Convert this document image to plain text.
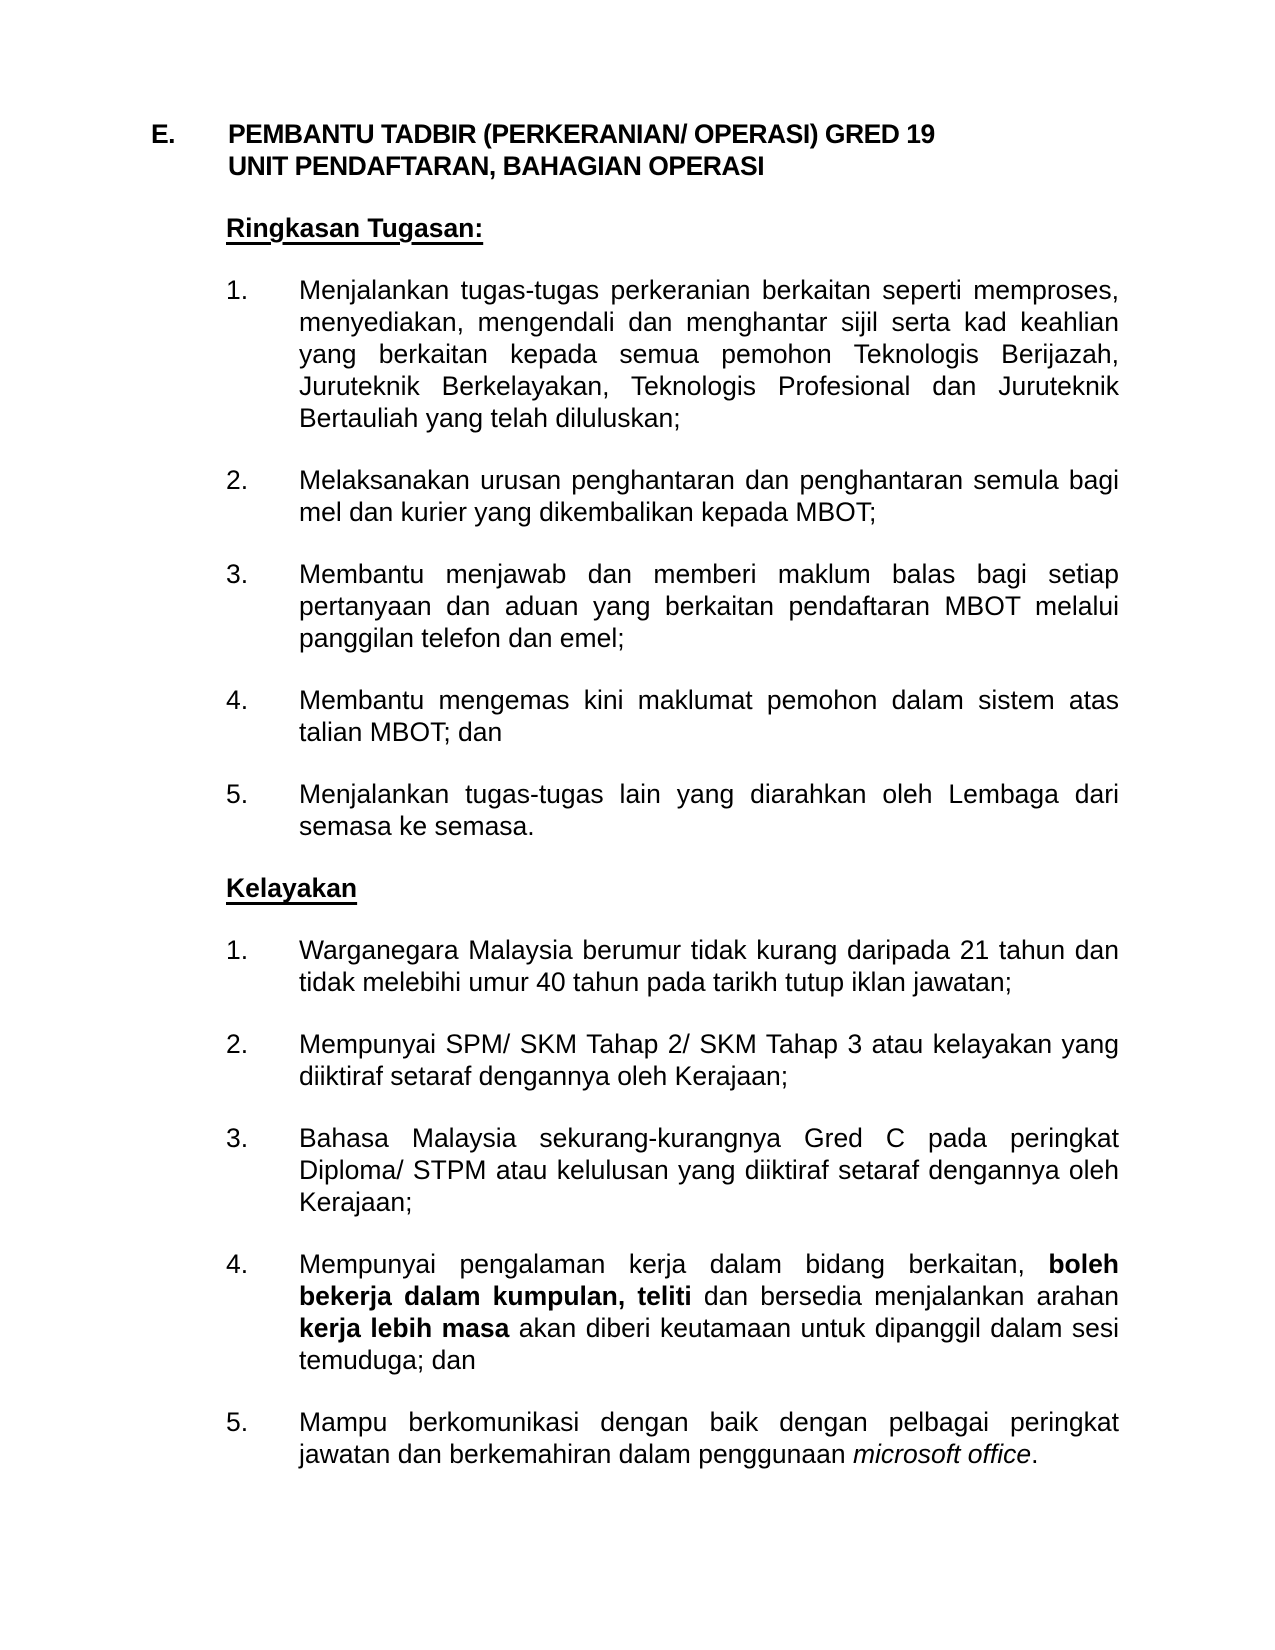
E.	PEMBANTU TADBIR (PERKERANIAN/ OPERASI) GRED 19
UNIT PENDAFTARAN, BAHAGIAN OPERASI
Ringkasan Tugasan:
1.	Menjalankan tugas-tugas perkeranian berkaitan seperti memproses, menyediakan, mengendali dan menghantar sijil serta kad keahlian yang berkaitan kepada semua pemohon Teknologis Berijazah, Juruteknik Berkelayakan, Teknologis Profesional dan Juruteknik Bertauliah yang telah diluluskan;
2.	Melaksanakan urusan penghantaran dan penghantaran semula bagi mel dan kurier yang dikembalikan kepada MBOT;
3.	Membantu menjawab dan memberi maklum balas bagi setiap pertanyaan dan aduan yang berkaitan pendaftaran MBOT melalui panggilan telefon dan emel;
4.	Membantu mengemas kini maklumat pemohon dalam sistem atas talian MBOT; dan
5.	Menjalankan tugas-tugas lain yang diarahkan oleh Lembaga dari semasa ke semasa.
Kelayakan
1.	Warganegara Malaysia berumur tidak kurang daripada 21 tahun dan tidak melebihi umur 40 tahun pada tarikh tutup iklan jawatan;
2.	Mempunyai SPM/ SKM Tahap 2/ SKM Tahap 3 atau kelayakan yang diiktiraf setaraf dengannya oleh Kerajaan;
3.	Bahasa Malaysia sekurang-kurangnya Gred C pada peringkat Diploma/ STPM atau kelulusan yang diiktiraf setaraf dengannya oleh Kerajaan;
4.	Mempunyai pengalaman kerja dalam bidang berkaitan, boleh bekerja dalam kumpulan, teliti dan bersedia menjalankan arahan kerja lebih masa akan diberi keutamaan untuk dipanggil dalam sesi temuduga; dan
5.	Mampu berkomunikasi dengan baik dengan pelbagai peringkat jawatan dan berkemahiran dalam penggunaan microsoft office.
